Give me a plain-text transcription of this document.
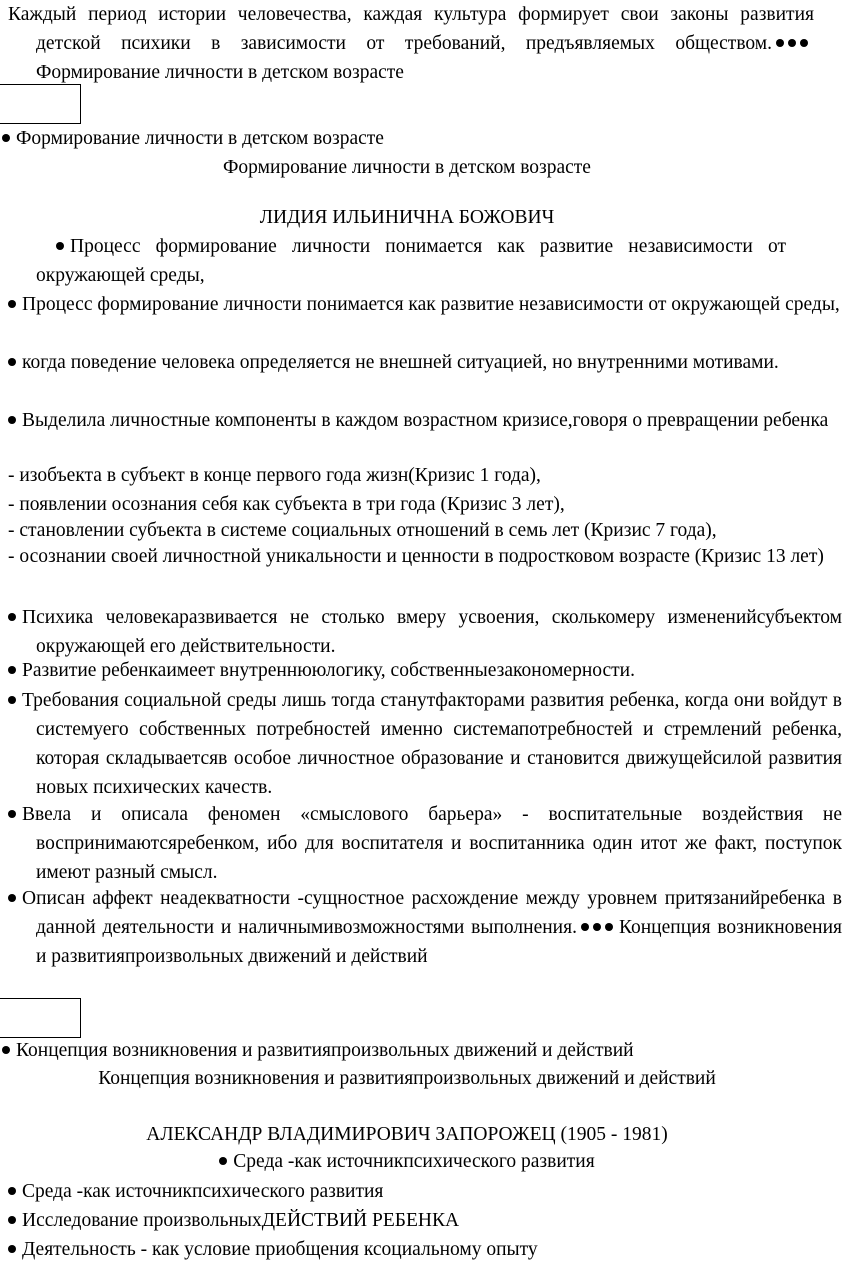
Каждый период истории человечества, каждая культура формирует свои законы развития детской психики в зависимости от требований, предъявляемых обществом.Формирование личности в детском возрасте
Формирование личности в детском возрасте
Формирование личности в детском возрасте
ЛИДИЯ ИЛЬИНИЧНА БОЖОВИЧ
Процесс формирование личности понимается как развитие независимости от окружающей среды,
Процесс формирование личности понимается как развитие независимости от окружающей среды,
когда поведение человека определяется не внешней ситуацией, но внутренними мотивами.
Выделила личностные компоненты в каждом возрастном кризисе,говоря о превращении ребенка
- изобъекта в субъект в конце первого года жизн(Кризис 1 года),
- появлении осознания себя как субъекта в три года (Кризис 3 лет),
- становлении субъекта в системе социальных отношений в семь лет (Кризис 7 года),
- осознании своей личностной уникальности и ценности в подростковом возрасте (Кризис 13 лет)
Психика человекаразвивается не столько вмеру усвоения, сколькомеру измененийсубъектом окружающей его действительности.
Развитие ребенкаимеет внутреннююлогику, собственныезакономерности.
Требования социальной среды лишь тогда станутфакторами развития ребенка, когда они войдут в системуего собственных потребностей именно системапотребностей и стремлений ребенка, которая складываетсяв особое личностное образование и становится движущейсилой развития новых психических качеств.
Ввела и описала феномен «смыслового барьера» - воспитательные воздействия не воспринимаютсяребенком, ибо для воспитателя и воспитанника один итот же факт, поступок имеют разный смысл.
Описан аффект неадекватности -сущностное расхождение между уровнем притязанийребенка в данной деятельности и наличнымивозможностями выполнения. Концепция возникновения и развитияпроизвольных движений и действий
Концепция возникновения и развитияпроизвольных движений и действий
Концепция возникновения и развитияпроизвольных движений и действий
АЛЕКСАНДР ВЛАДИМИРОВИЧ ЗАПОРОЖЕЦ (1905 - 1981)
Среда -как источникпсихического развития
Среда -как источникпсихического развития
Исследование произвольныхДЕЙСТВИЙ РЕБЕНКА
Деятельность - как условие приобщения ксоциальному опыту
